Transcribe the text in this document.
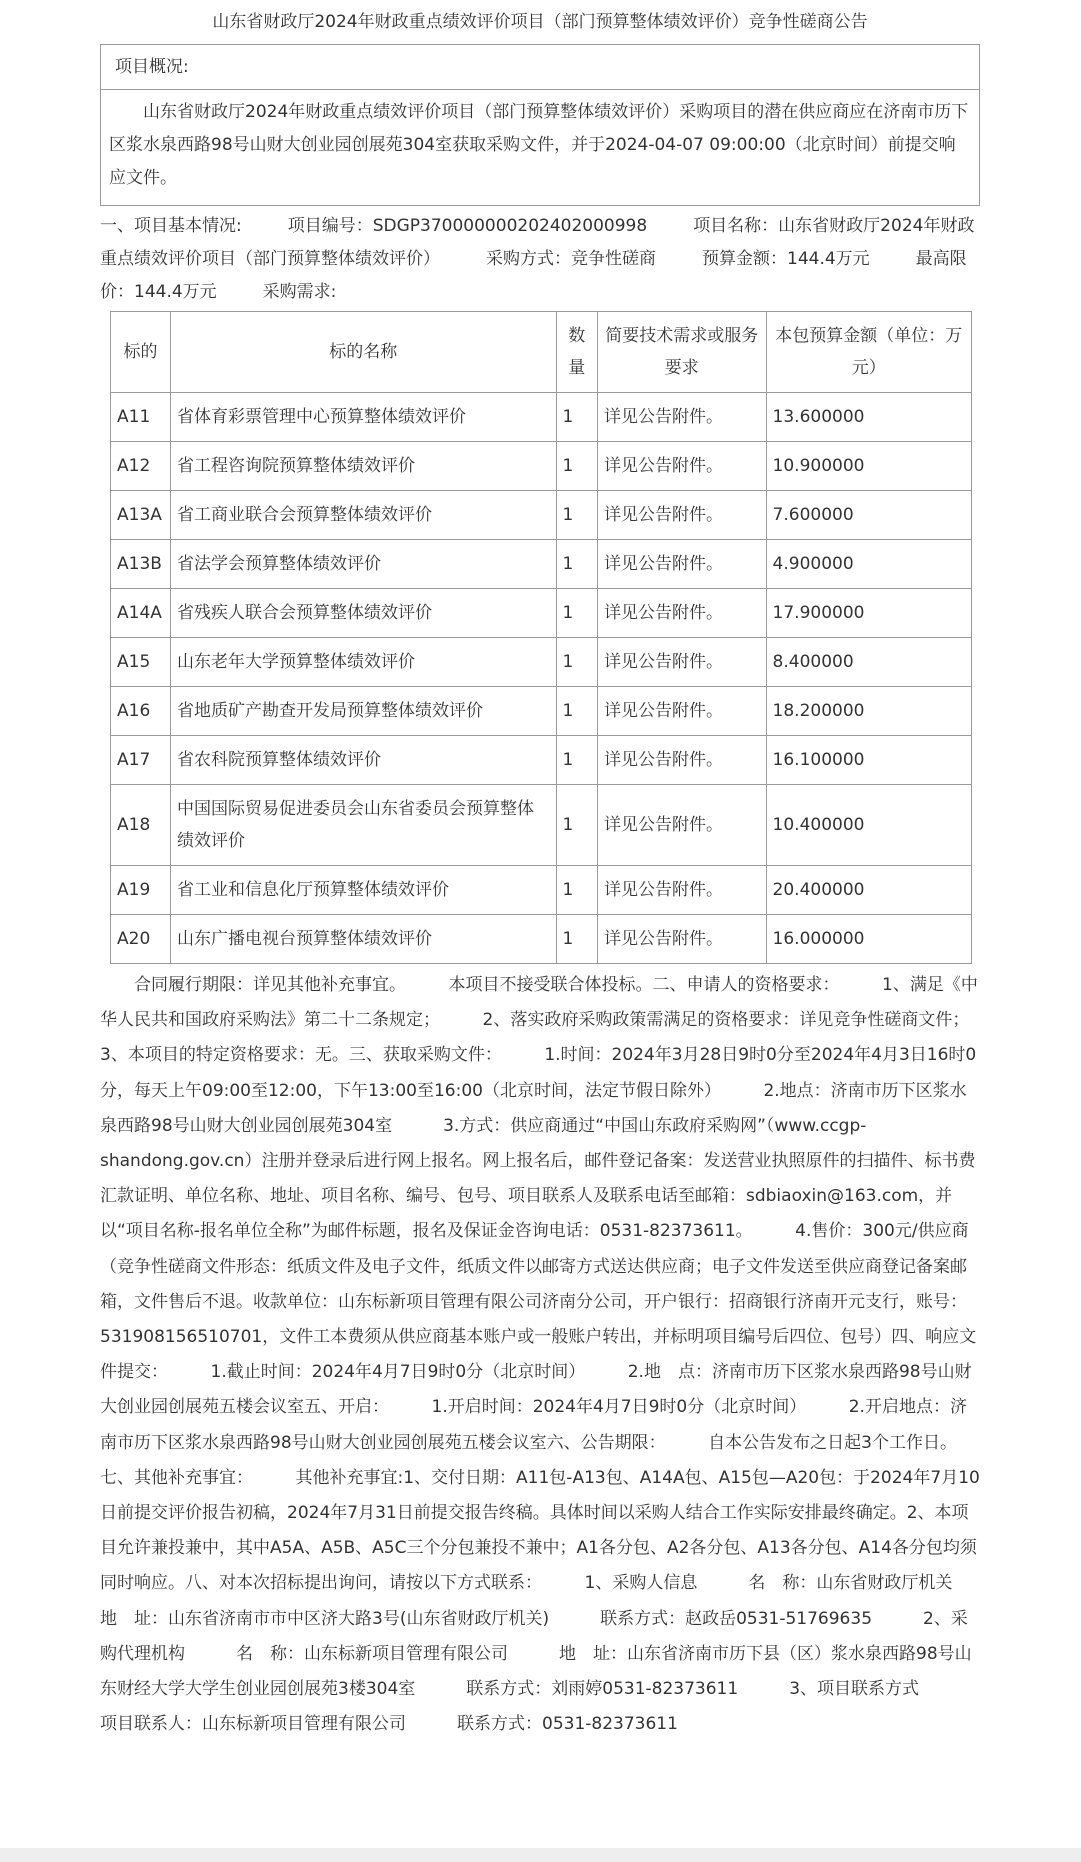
山东省财政厅2024年财政重点绩效评价项目（部门预算整体绩效评价）竞争性磋商公告
项目概况:
山东省财政厅2024年财政重点绩效评价项目（部门预算整体绩效评价）采购项目的潜在供应商应在济南市历下区浆水泉西路98号山财大创业园创展苑304室获取采购文件，并于2024-04-07 09:00:00（北京时间）前提交响应文件。
一、项目基本情况:	项目编号：SDGP370000000202402000998	项目名称：山东省财政厅2024年财政重点绩效评价项目（部门预算整体绩效评价）	采购方式：竞争性磋商	预算金额：144.4万元	最高限价：144.4万元	采购需求:
标的	标的名称	数量	简要技术需求或服务要求	本包预算金额（单位：万元）
A11	省体育彩票管理中心预算整体绩效评价	1	详见公告附件。	13.600000
A12	省工程咨询院预算整体绩效评价	1	详见公告附件。	10.900000
A13A	省工商业联合会预算整体绩效评价	1	详见公告附件。	7.600000
A13B	省法学会预算整体绩效评价	1	详见公告附件。	4.900000
A14A	省残疾人联合会预算整体绩效评价	1	详见公告附件。	17.900000
A15	山东老年大学预算整体绩效评价	1	详见公告附件。	8.400000
A16	省地质矿产勘查开发局预算整体绩效评价	1	详见公告附件。	18.200000
A17	省农科院预算整体绩效评价	1	详见公告附件。	16.100000
A18	中国国际贸易促进委员会山东省委员会预算整体绩效评价	1	详见公告附件。	10.400000
A19	省工业和信息化厅预算整体绩效评价	1	详见公告附件。	20.400000
A20	山东广播电视台预算整体绩效评价	1	详见公告附件。	16.000000
合同履行期限：详见其他补充事宜。　　　本项目不接受联合体投标。二、申请人的资格要求：　　　1、满足《中华人民共和国政府采购法》第二十二条规定；　　　2、落实政府采购政策需满足的资格要求：详见竞争性磋商文件；　　　3、本项目的特定资格要求：无。三、获取采购文件：　　　1.时间：2024年3月28日9时0分至2024年4月3日16时0分，每天上午09:00至12:00，下午13:00至16:00（北京时间，法定节假日除外）　　　2.地点：济南市历下区浆水泉西路98号山财大创业园创展苑304室　　　3.方式：供应商通过“中国山东政府采购网”（www.ccgp-shandong.gov.cn）注册并登录后进行网上报名。网上报名后，邮件登记备案：发送营业执照原件的扫描件、标书费汇款证明、单位名称、地址、项目名称、编号、包号、项目联系人及联系电话至邮箱：sdbiaoxin@163.com，并以“项目名称-报名单位全称”为邮件标题，报名及保证金咨询电话：0531-82373611。　　　4.售价：300元/供应商（竞争性磋商文件形态：纸质文件及电子文件，纸质文件以邮寄方式送达供应商；电子文件发送至供应商登记备案邮箱，文件售后不退。收款单位：山东标新项目管理有限公司济南分公司，开户银行：招商银行济南开元支行，账号：531908156510701，文件工本费须从供应商基本账户或一般账户转出，并标明项目编号后四位、包号）四、响应文件提交：　　　1.截止时间：2024年4月7日9时0分（北京时间）　　　2.地　点：济南市历下区浆水泉西路98号山财大创业园创展苑五楼会议室五、开启：　　　1.开启时间：2024年4月7日9时0分（北京时间）　　　2.开启地点：济南市历下区浆水泉西路98号山财大创业园创展苑五楼会议室六、公告期限：　　　自本公告发布之日起3个工作日。七、其他补充事宜：　　　其他补充事宜:1、交付日期：A11包-A13包、A14A包、A15包—A20包：于2024年7月10日前提交评价报告初稿，2024年7月31日前提交报告终稿。具体时间以采购人结合工作实际安排最终确定。2、本项目允许兼投兼中，其中A5A、A5B、A5C三个分包兼投不兼中；A1各分包、A2各分包、A13各分包、A14各分包均须同时响应。八、对本次招标提出询问，请按以下方式联系：　　　1、采购人信息　　　名　称：山东省财政厅机关　　　地　址：山东省济南市市中区济大路3号(山东省财政厅机关)　　　联系方式：赵政岳0531-51769635　　　2、采购代理机构　　　名　称：山东标新项目管理有限公司　　　地　址：山东省济南市历下县（区）浆水泉西路98号山东财经大学大学生创业园创展苑3楼304室　　　联系方式：刘雨婷0531-82373611　　　3、项目联系方式　　　项目联系人：山东标新项目管理有限公司　　　联系方式：0531-82373611
